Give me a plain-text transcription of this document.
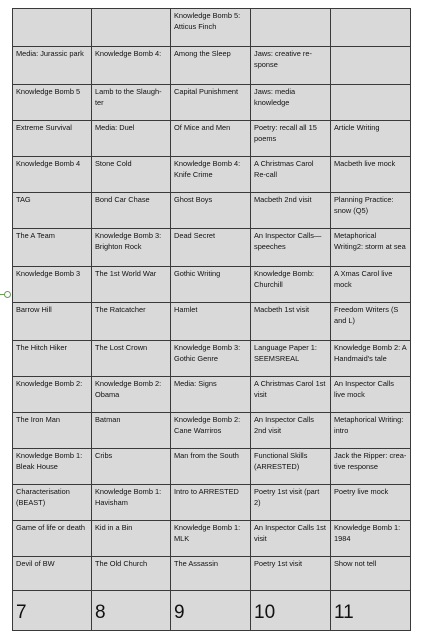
		Knowledge Bomb 5: Atticus Finch		
Media: Jurassic park	Knowledge Bomb 4:	Among the Sleep	Jaws: creative re-sponse	
Knowledge Bomb 5	Lamb to the Slaugh-ter	Capital Punishment	Jaws: media knowledge	
Extreme Survival	Media: Duel	Of Mice and Men	Poetry: recall all 15 poems	Article Writing
Knowledge Bomb 4	Stone Cold	Knowledge Bomb 4: Knife Crime	A Christmas Carol Re-call	Macbeth live mock
TAG	Bond Car Chase	Ghost Boys	Macbeth 2nd visit	Planning Practice: snow (Q5)
The A Team	Knowledge Bomb 3: Brighton Rock	Dead Secret	An Inspector Calls—speeches	Metaphorical Writing2: storm at sea
Knowledge Bomb 3	The 1st World War	Gothic Writing	Knowledge Bomb: Churchill	A Xmas Carol live mock
Barrow Hill	The Ratcatcher	Hamlet	Macbeth 1st visit	Freedom Writers (S and L)
The Hitch Hiker	The Lost Crown	Knowledge Bomb 3: Gothic Genre	Language Paper 1: SEEMSREAL	Knowledge Bomb 2: A Handmaid's tale
Knowledge Bomb 2:	Knowledge Bomb 2: Obama	Media: Signs	A Christmas Carol 1st visit	An Inspector Calls live mock
The Iron Man	Batman	Knowledge Bomb 2: Cane Warriros	An Inspector Calls 2nd visit	Metaphorical Writing: intro
Knowledge Bomb 1: Bleak House	Cribs	Man from the South	Functional Skills (ARRESTED)	Jack the Ripper: crea-tive response
Characterisation (BEAST)	Knowledge Bomb 1: Havisham	Intro to ARRESTED	Poetry 1st visit (part 2)	Poetry live mock
Game of life or death	Kid in a Bin	Knowledge Bomb 1: MLK	An Inspector Calls 1st visit	Knowledge Bomb 1: 1984
Devil of BW	The Old Church	The Assassin	Poetry 1st visit	Show not tell
7	8	9	10	11
